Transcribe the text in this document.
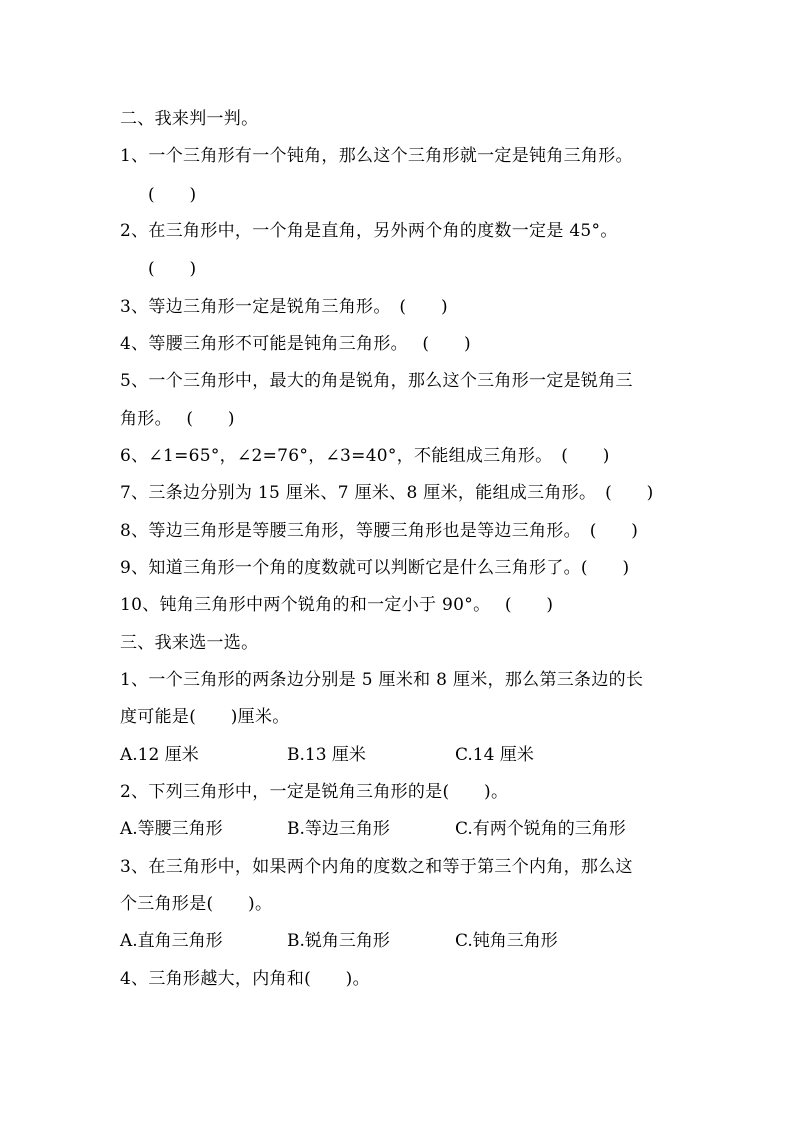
二、我来判一判。
1、一个三角形有一个钝角，那么这个三角形就一定是钝角三角形。
(　　)
2、在三角形中，一个角是直角，另外两个角的度数一定是 45°。
(　　)
3、等边三角形一定是锐角三角形。　(　　)
4、等腰三角形不可能是钝角三角形。　 (　　)
5、一个三角形中，最大的角是锐角，那么这个三角形一定是锐角三
角形。　 (　　)
6、∠1=65°，∠2=76°，∠3=40°，不能组成三角形。　(　　)
7、三条边分别为 15 厘米、7 厘米、8 厘米，能组成三角形。　(　　)
8、等边三角形是等腰三角形，等腰三角形也是等边三角形。　(　　)
9、知道三角形一个角的度数就可以判断它是什么三角形了。(　　)
10、钝角三角形中两个锐角的和一定小于 90°。　 (　　)
三、我来选一选。
1、一个三角形的两条边分别是 5 厘米和 8 厘米，那么第三条边的长
度可能是(　　)厘米。
A.12 厘米	B.13 厘米	C.14 厘米
2、下列三角形中，一定是锐角三角形的是(　　)。
A.等腰三角形	B.等边三角形	C.有两个锐角的三角形
3、在三角形中，如果两个内角的度数之和等于第三个内角，那么这
个三角形是(　　)。
A.直角三角形	B.锐角三角形	C.钝角三角形
4、三角形越大，内角和(　　)。
